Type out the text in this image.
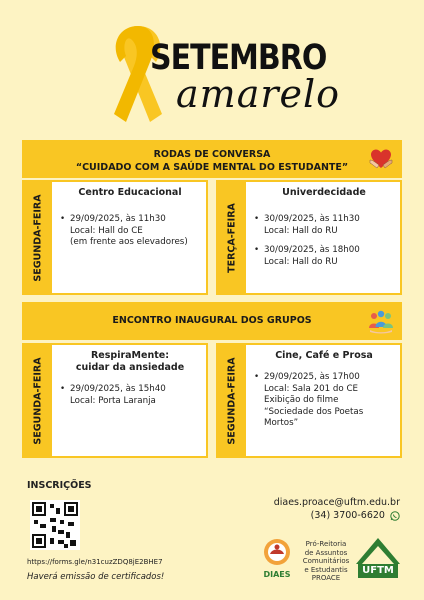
SETEMBRO
amarelo
RODAS DE CONVERSA
“CUIDADO COM A SAÚDE MENTAL DO ESTUDANTE”
SEGUNDA-FEIRA
Centro Educacional
• 29/09/2025, às 11h30
Local: Hall do CE
(em frente aos elevadores)	TERÇA-FEIRA
Univerdecidade
• 30/09/2025, às 11h30
Local: Hall do RU
• 30/09/2025, às 18h00
Local: Hall do RU
ENCONTRO INAUGURAL DOS GRUPOS
SEGUNDA-FEIRA
RespiraMente:
cuidar da ansiedade
• 29/09/2025, às 15h40
Local: Porta Laranja	SEGUNDA-FEIRA
Cine, Café e Prosa
• 29/09/2025, às 17h00
Local: Sala 201 do CE
Exibição do filme
“Sociedade dos Poetas
Mortos”
INSCRIÇÕES
https://forms.gle/n31cuzZDQ8jE2BHE7
Haverá emissão de certificados!
diaes.proace@uftm.edu.br
(34) 3700-6620
DIAES
Pró-Reitoria
de Assuntos
Comunitários
e Estudantis
PROACE
UFTM
